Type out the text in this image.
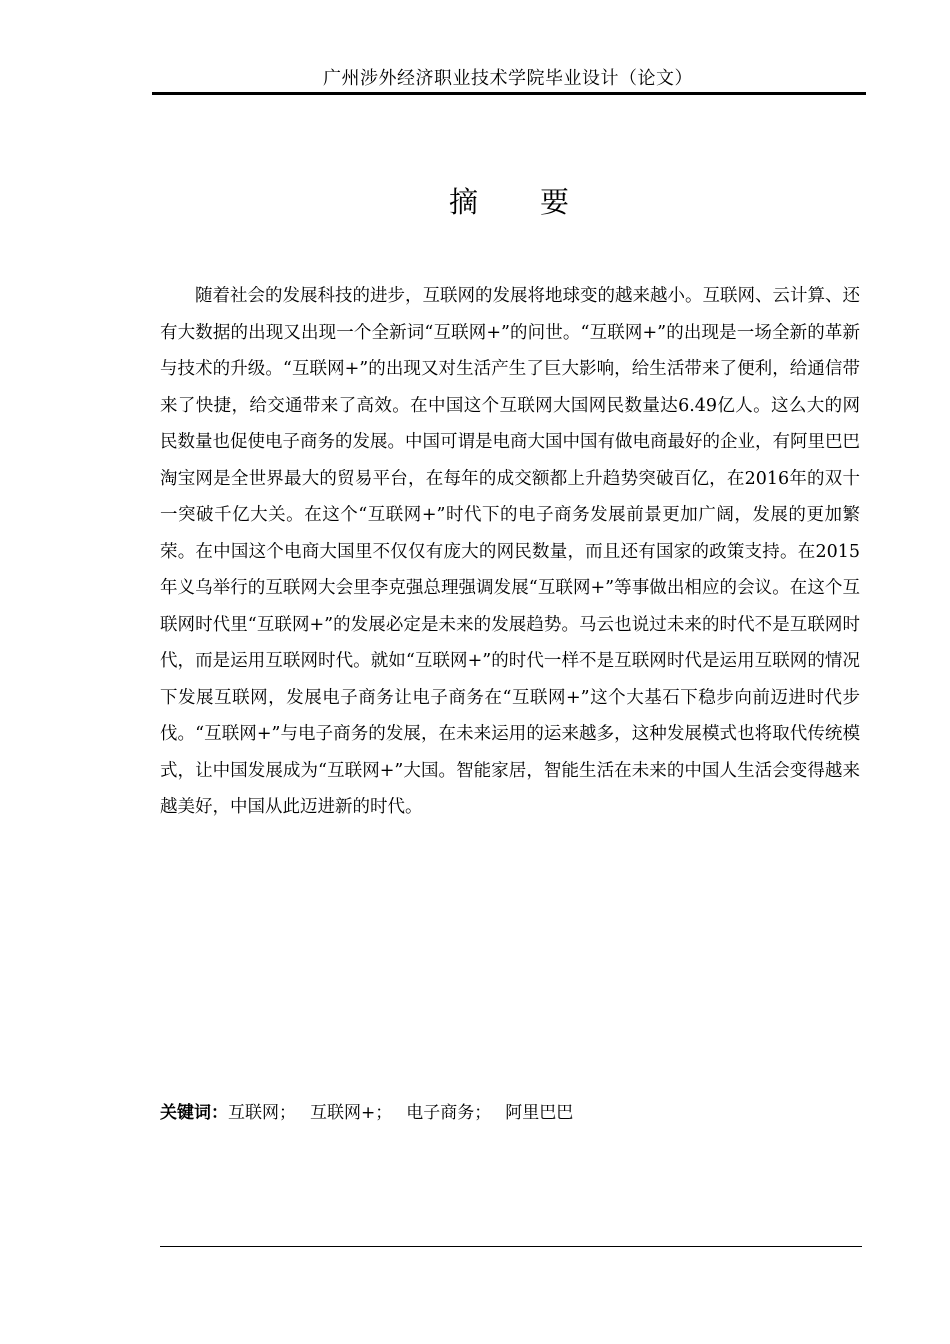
广州涉外经济职业技术学院毕业设计（论文）
摘 要

随着社会的发展科技的进步，互联网的发展将地球变的越来越小。互联网、云计算、还有大数据的出现又出现一个全新词“互联网+”的问世。“互联网+”的出现是一场全新的革新与技术的升级。“互联网+”的出现又对生活产生了巨大影响，给生活带来了便利，给通信带来了快捷，给交通带来了高效。在中国这个互联网大国网民数量达6.49亿人。这么大的网民数量也促使电子商务的发展。中国可谓是电商大国中国有做电商最好的企业，有阿里巴巴淘宝网是全世界最大的贸易平台，在每年的成交额都上升趋势突破百亿，在2016年的双十一突破千亿大关。在这个“互联网+”时代下的电子商务发展前景更加广阔，发展的更加繁荣。在中国这个电商大国里不仅仅有庞大的网民数量，而且还有国家的政策支持。在2015年义乌举行的互联网大会里李克强总理强调发展“互联网+”等事做出相应的会议。在这个互联网时代里“互联网+”的发展必定是未来的发展趋势。马云也说过未来的时代不是互联网时代，而是运用互联网时代。就如“互联网+”的时代一样不是互联网时代是运用互联网的情况下发展互联网，发展电子商务让电子商务在“互联网+”这个大基石下稳步向前迈进时代步伐。“互联网+”与电子商务的发展，在未来运用的运来越多，这种发展模式也将取代传统模式，让中国发展成为“互联网+”大国。智能家居，智能生活在未来的中国人生活会变得越来越美好，中国从此迈进新的时代。

关键词：互联网； 互联网+； 电子商务； 阿里巴巴
